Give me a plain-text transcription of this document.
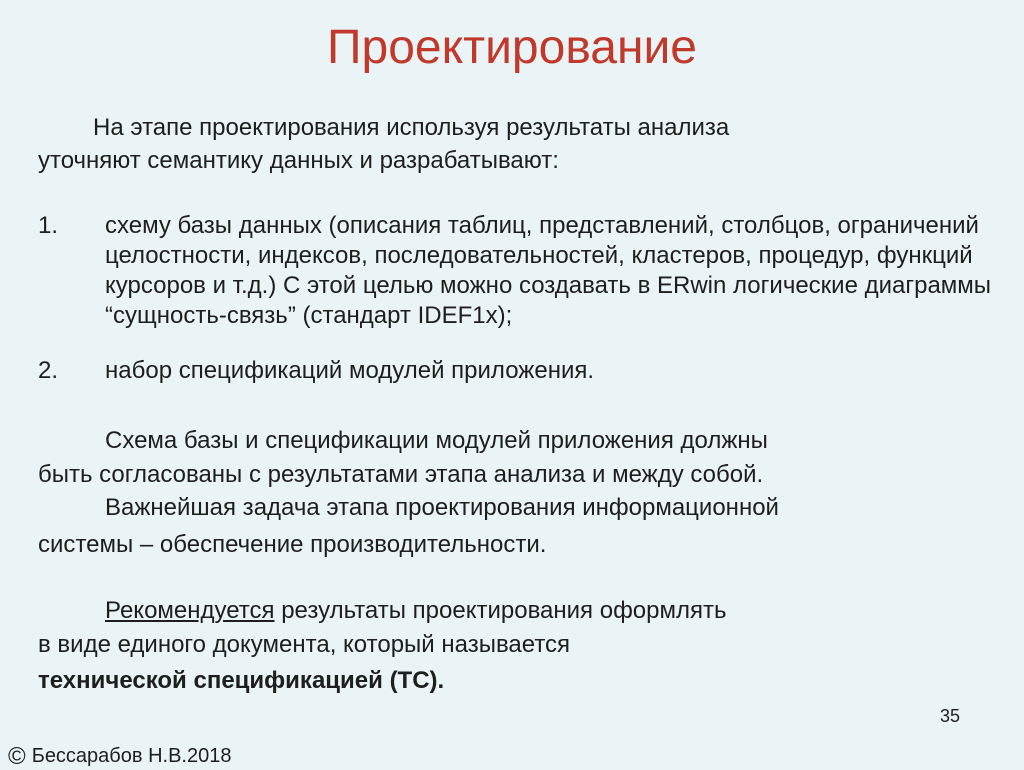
Проектирование
На этапе проектирования используя результаты анализа
уточняют семантику данных и разрабатывают:
1. схему базы данных (описания таблиц, представлений, столбцов, ограничений целостности, индексов, последовательностей, кластеров, процедур, функций курсоров и т.д.) С этой целью можно создавать в ERwin логические диаграммы “сущность-связь” (стандарт IDEF1x);
2. набор спецификаций модулей приложения.
Схема базы и спецификации модулей приложения должны
быть согласованы с результатами этапа анализа и между собой.
Важнейшая задача этапа проектирования информационной
системы – обеспечение производительности.
Рекомендуется результаты проектирования оформлять
в виде единого документа, который называется
технической спецификацией (ТС).
35
© Бессарабов Н.В.2018
